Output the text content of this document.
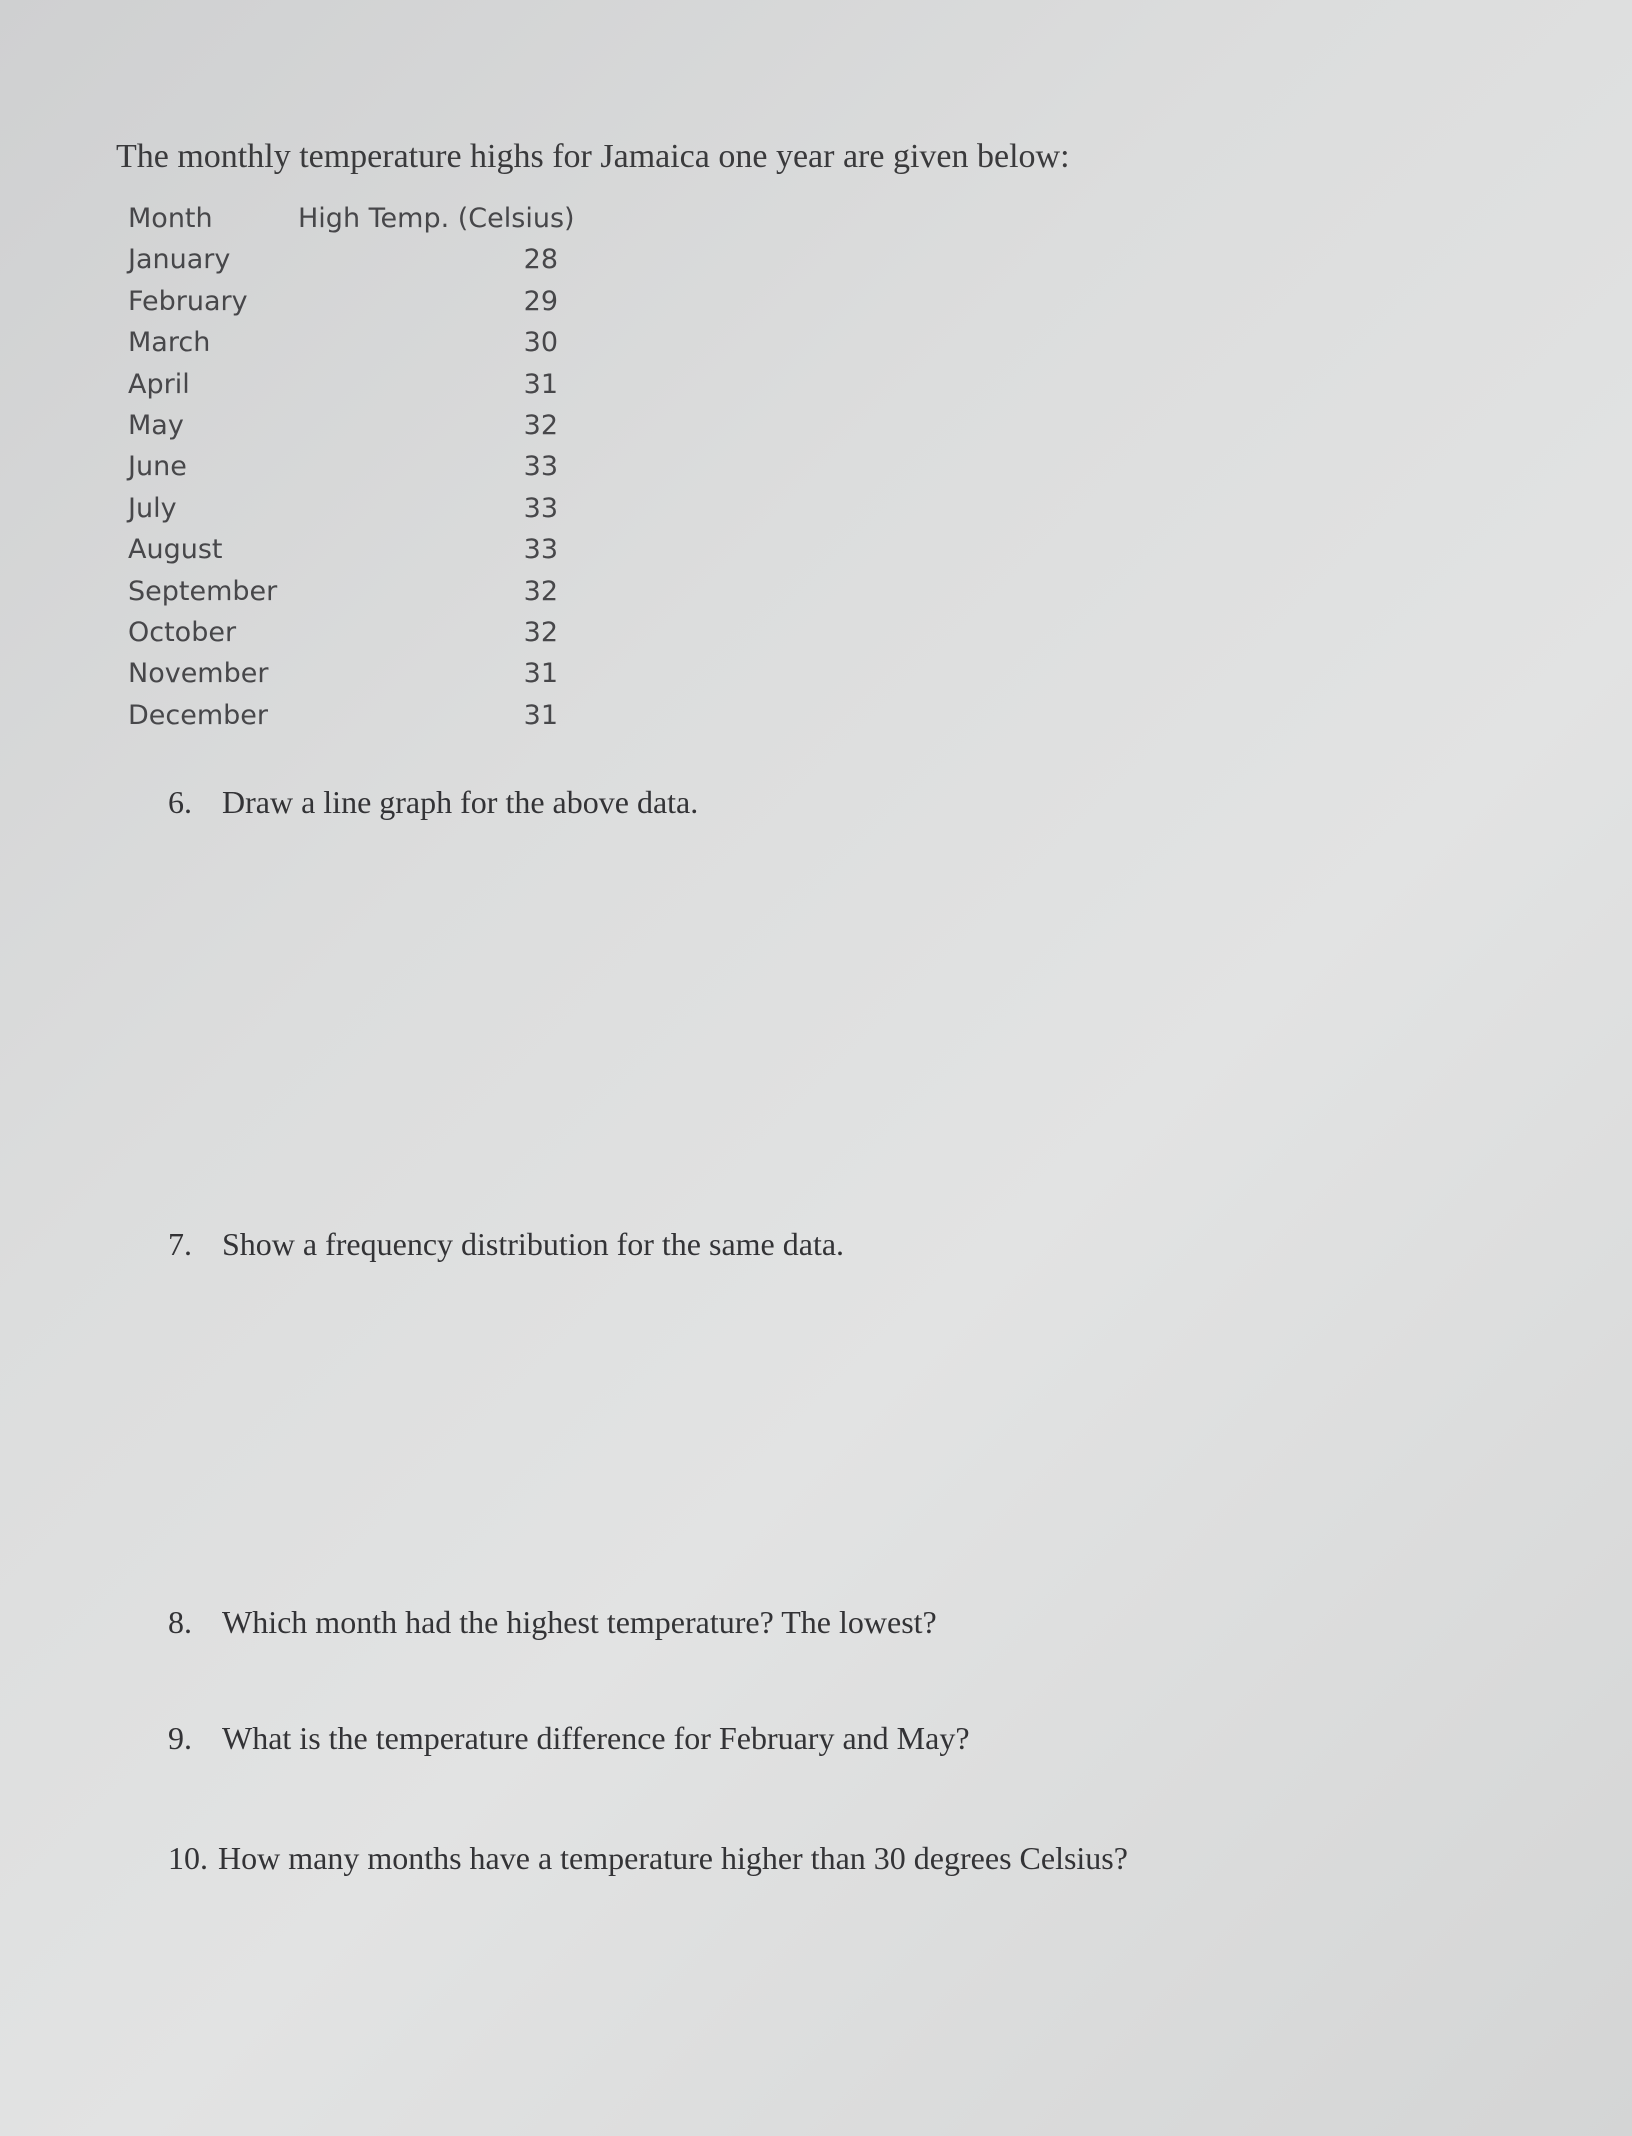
The monthly temperature highs for Jamaica one year are given below:
Month	High Temp. (Celsius)
January	28
February	29
March	30
April	31
May	32
June	33
July	33
August	33
September	32
October	32
November	31
December	31
6. Draw a line graph for the above data.
7. Show a frequency distribution for the same data.
8. Which month had the highest temperature? The lowest?
9. What is the temperature difference for February and May?
10. How many months have a temperature higher than 30 degrees Celsius?
